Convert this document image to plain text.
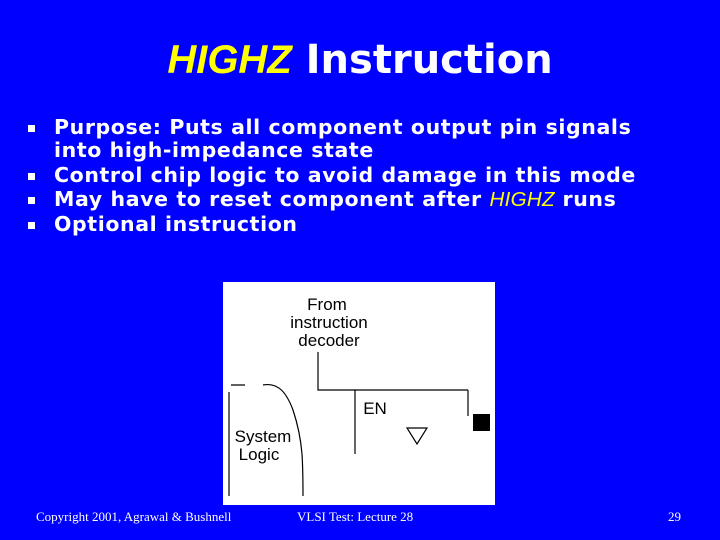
HIGHZ Instruction
Purpose: Puts all component output pin signals
into high-impedance state
Control chip logic to avoid damage in this mode
May have to reset component after HIGHZ runs
Optional instruction
From
instruction
decoder
EN
System
Logic
Copyright 2001, Agrawal & Bushnell	VLSI Test: Lecture 28	29
